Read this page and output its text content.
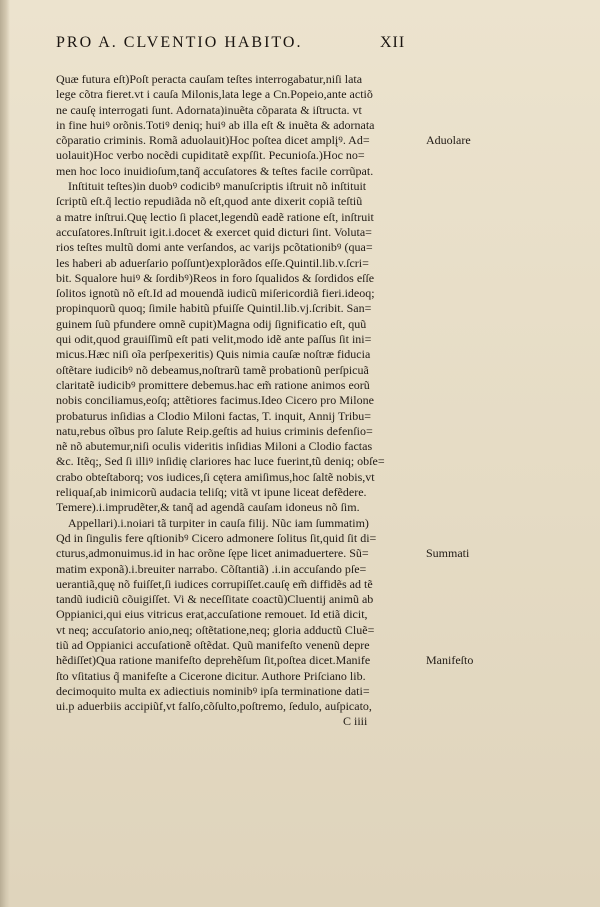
PRO A. CLVENTIO HABITO.	XII
Quæ futura eſt)Poſt peracta cauſam teſtes interrogabatur,niſi lata
lege cõtra fieret.vt i cauſa Milonis,lata lege a Cn.Popeio,ante actiõ
ne cauſę interrogati ſunt. Adornata)inuẽta cõparata & iſtructa. vt
in fine huiꝰ orõnis.Totiꝰ deniq; huiꝰ ab illa eſt & inuẽta & adornata
cõparatio criminis. Romã aduolauit)Hoc poſtea dicet amplįꝰ. Ad=
uolauit)Hoc verbo nocẽdi cupiditatẽ expſſit. Pecunioſa.)Hoc no=
men hoc loco inuidioſum,tanq̃ accuſatores & teſtes facile corrũpat.
Inſtituit teſtes)in duobꝰ codicibꝰ manuſcriptis iſtruit nõ inſtituit
ſcriptũ eſt.q̃ lectio repudiãda nõ eſt,quod ante dixerit copiã teſtiũ
a matre inſtrui.Quę lectio ſi placet,legendũ eadẽ ratione eſt, inſtruit
accuſatores.Inſtruit igit.i.docet & exercet quid dicturi ſint. Voluta=
rios teſtes multũ domi ante verſandos, ac varijs pcõtationibꝰ (qua=
les haberi ab aduerſario poſſunt)explorãdos eſſe.Quintil.lib.v.ſcri=
bit. Squalore huiꝰ & ſordibꝰ)Reos in foro ſqualidos & ſordidos eſſe
ſolitos ignotũ nõ eſt.Id ad mouendã iudicũ miſericordiã fieri.ideoq;
propinquorũ quoq; ſimile habitũ pfuiſſe Quintil.lib.vj.ſcribit. San=
guinem ſuũ pfundere omnẽ cupit)Magna odij ſignificatio eſt, quũ
qui odit,quod grauiſſimũ eſt pati velit,modo idẽ ante paſſus ſit ini=
micus.Hæc niſi oĩa perſpexeritis) Quis nimia cauſæ noſtræ fiducia
oſtẽtare iudicibꝰ nõ debeamus,noſtrarũ tamẽ probationũ perſpicuã
claritatẽ iudicibꝰ promittere debemus.hac em̃ ratione animos eorũ
nobis conciliamus,eoſq; attẽtiores facimus.Ideo Cicero pro Milone
probaturus inſidias a Clodio Miloni factas, T. inquit, Annij Tribu=
natu,rebus oĩbus pro ſalute Reip.geſtis ad huius criminis defenſio=
nẽ nõ abutemur,niſi oculis videritis inſidias Miloni a Clodio factas
&c. Itẽq;, Sed ſi illiꝰ inſidię clariores hac luce fuerint,tũ deniq; obſe=
crabo obteſtaborq; vos iudices,ſi cętera amiſimus,hoc ſaltẽ nobis,vt
reliquaſ,ab inimicorũ audacia teliſq; vitã vt ipune liceat defẽdere.
Temere).i.imprudẽter,& tanq̃ ad agendã cauſam idoneus nõ ſim.
Appellari).i.noiari tã turpiter in cauſa filij. Nũc iam ſummatim)
Qd in ſingulis fere qſtionibꝰ Cicero admonere ſolitus ſit,quid ſit di=
cturus,admonuimus.id in hac orõne ſępe licet animaduertere. Sũ=
matim exponã).i.breuiter narrabo. Cõſtantiã) .i.in accuſando pſe=
uerantiã,quę nõ fuiſſet,ſi iudices corrupiſſet.cauſę em̃ diffidẽs ad tẽ
tandũ iudiciũ cõuigiſſet. Vi & neceſſitate coactũ)Cluentij animũ ab
Oppianici,qui eius vitricus erat,accuſatione remouet. Id etiã dicit,
vt neq; accuſatorio anio,neq; oſtẽtatione,neq; gloria adductũ Cluẽ=
tiũ ad Oppianici accuſationẽ oſtẽdat. Quũ manifeſto venenũ depre
hẽdiſſet)Qua ratione manifeſto deprehẽſum ſit,poſtea dicet.Manife
ſto vſitatius q̃ manifeſte a Cicerone dicitur. Authore Priſciano lib.
decimoquito multa ex adiectiuis nominibꝰ ipſa terminatione dati=
ui.p aduerbiis accipiũf,vt falſo,cõſulto,poſtremo, ſedulo, auſpicato,
C iiii
Aduolare
Summati
Manifeſto
